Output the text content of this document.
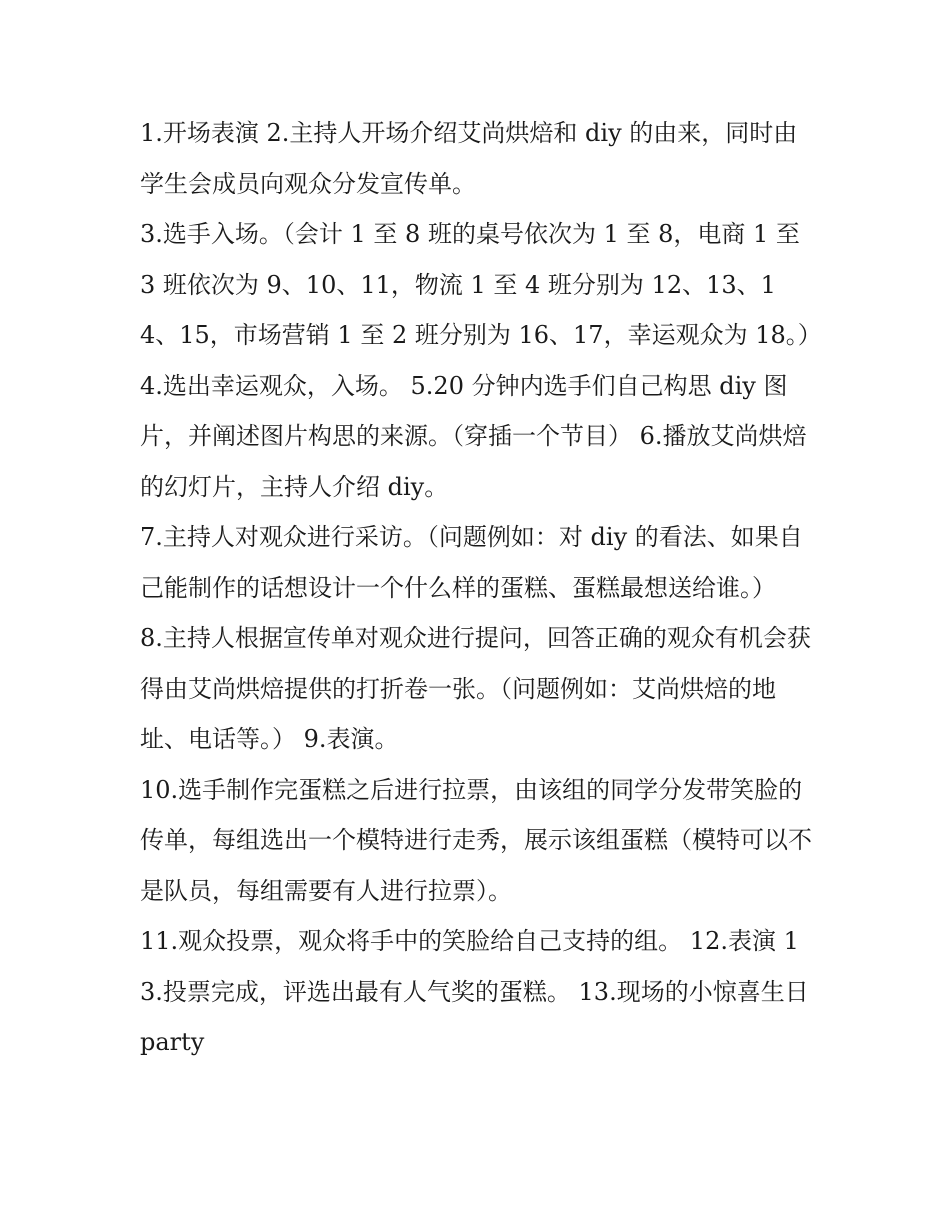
1.开场表演 2.主持人开场介绍艾尚烘焙和 diy 的由来，同时由学生会成员向观众分发宣传单。

3.选手入场。（会计 1 至 8 班的桌号依次为 1 至 8，电商 1 至 3 班依次为 9、10、11，物流 1 至 4 班分别为 12、13、14、15，市场营销 1 至 2 班分别为 16、17，幸运观众为 18。）

4.选出幸运观众，入场。 5.20 分钟内选手们自己构思 diy 图片，并阐述图片构思的来源。（穿插一个节目） 6.播放艾尚烘焙的幻灯片，主持人介绍 diy。

7.主持人对观众进行采访。（问题例如：对 diy 的看法、如果自己能制作的话想设计一个什么样的蛋糕、蛋糕最想送给谁。）

8.主持人根据宣传单对观众进行提问，回答正确的观众有机会获得由艾尚烘焙提供的打折卷一张。（问题例如：艾尚烘焙的地址、电话等。） 9.表演。

10.选手制作完蛋糕之后进行拉票，由该组的同学分发带笑脸的传单，每组选出一个模特进行走秀，展示该组蛋糕（模特可以不是队员，每组需要有人进行拉票）。

11.观众投票，观众将手中的笑脸给自己支持的组。 12.表演 13.投票完成，评选出最有人气奖的蛋糕。 13.现场的小惊喜生日 party
